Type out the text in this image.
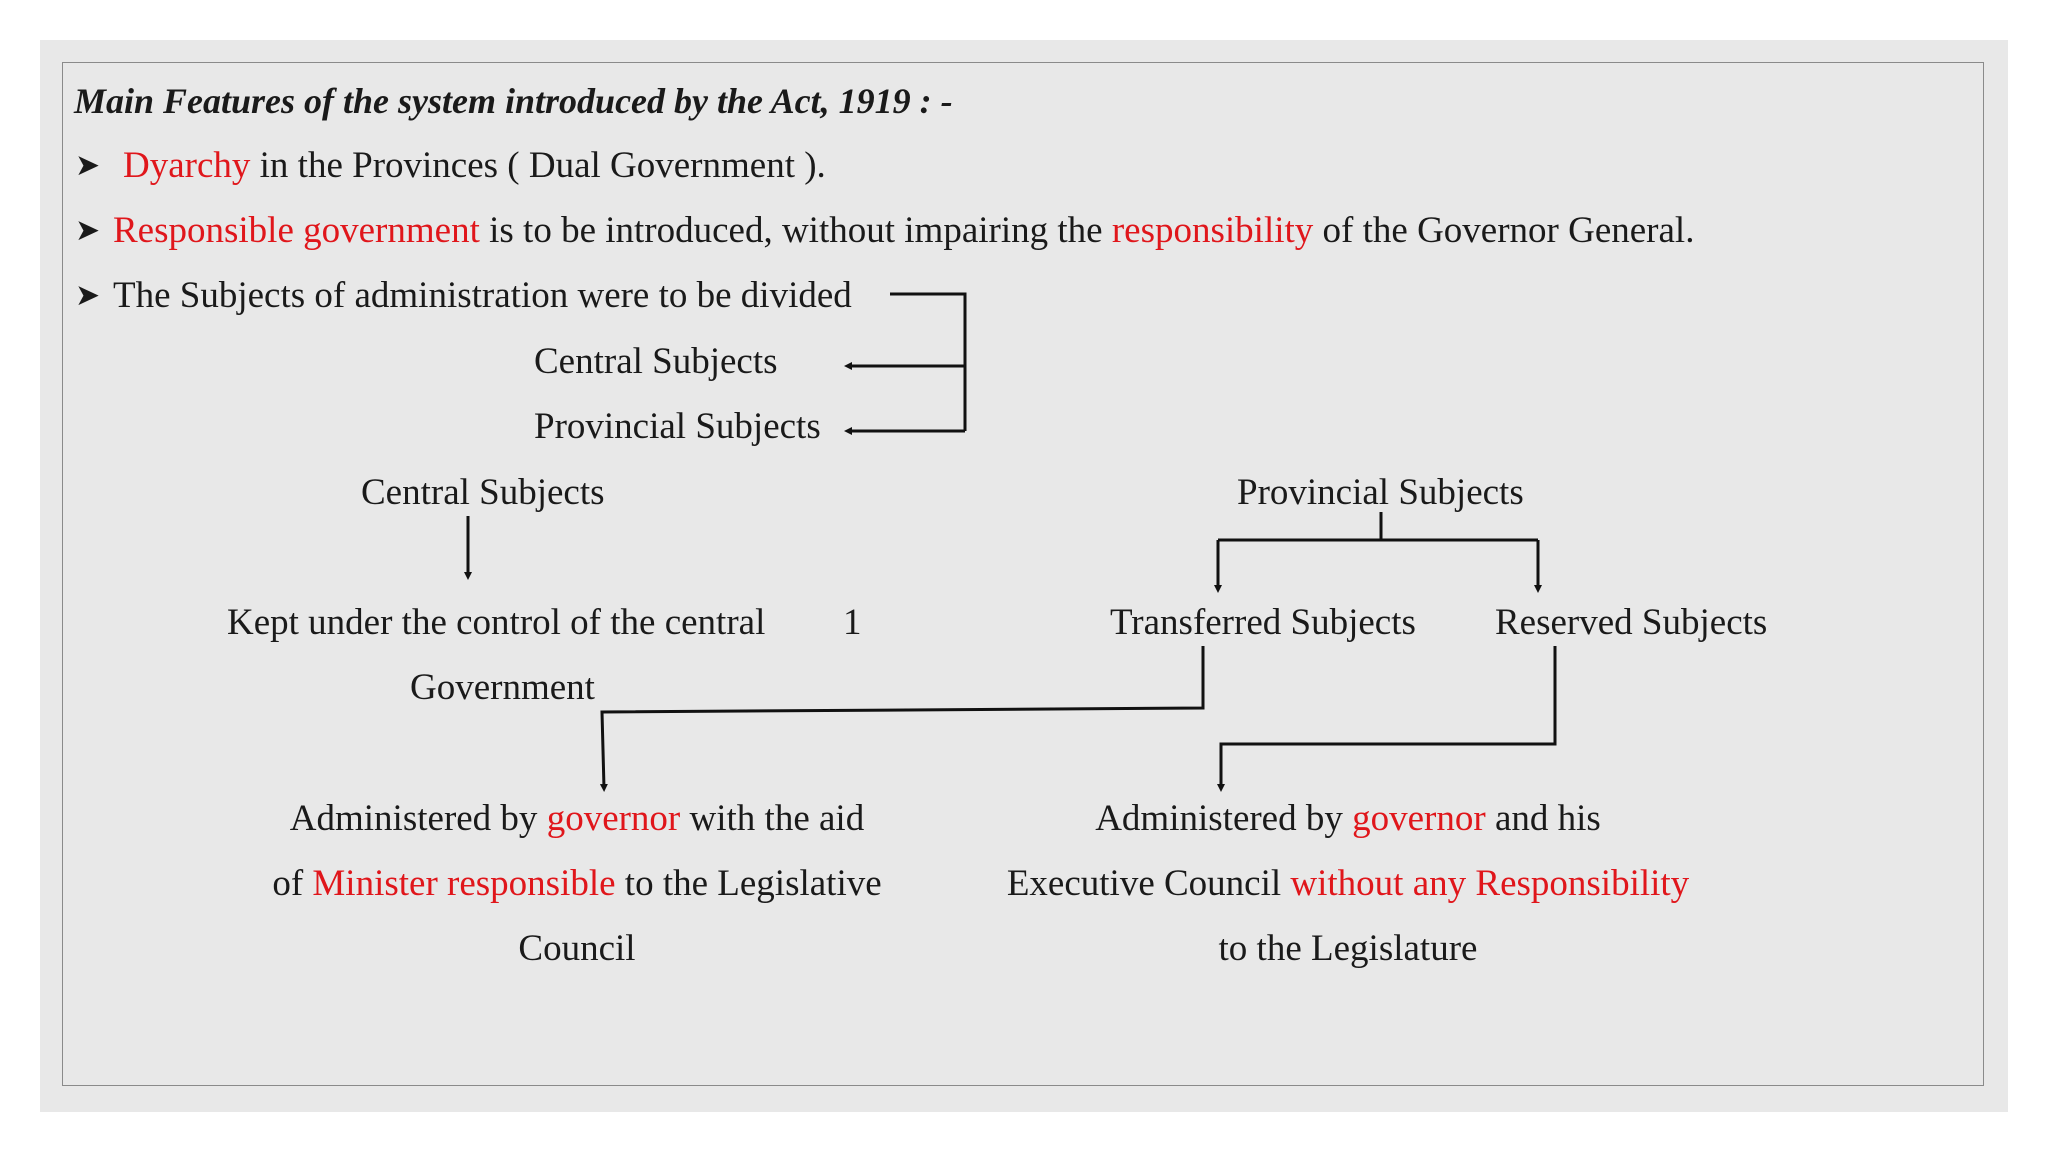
Main Features of the system introduced by the Act, 1919 : -
➤ Dyarchy in the Provinces ( Dual Government ).
➤ Responsible government is to be introduced, without impairing the responsibility of the Governor General.
➤ The Subjects of administration were to be divided
Central Subjects
Provincial Subjects
Central Subjects
Kept under the control of the central 1
Government
Provincial Subjects
Transferred Subjects Reserved Subjects
Administered by governor with the aid
of Minister responsible to the Legislative
Council
Administered by governor and his
Executive Council without any Responsibility
to the Legislature
